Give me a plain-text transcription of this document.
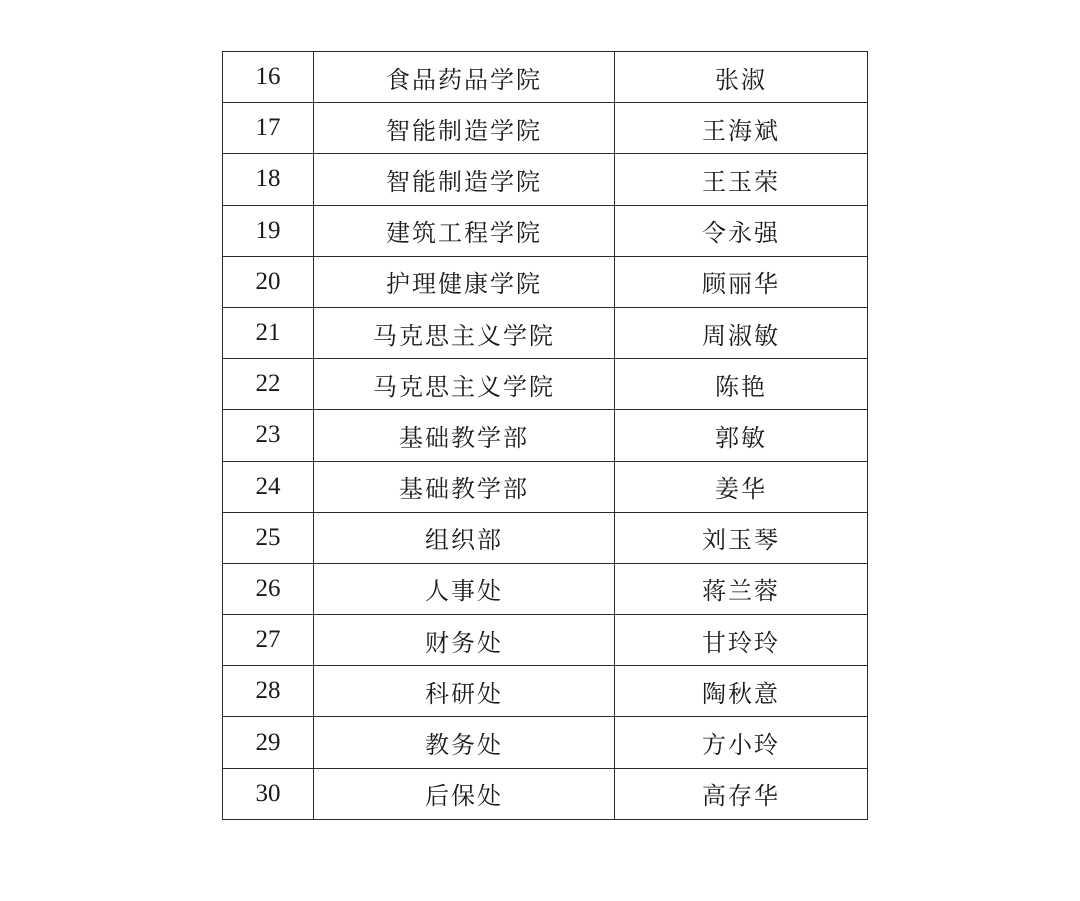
16	食品药品学院	张淑
17	智能制造学院	王海斌
18	智能制造学院	王玉荣
19	建筑工程学院	令永强
20	护理健康学院	顾丽华
21	马克思主义学院	周淑敏
22	马克思主义学院	陈艳
23	基础教学部	郭敏
24	基础教学部	姜华
25	组织部	刘玉琴
26	人事处	蒋兰蓉
27	财务处	甘玲玲
28	科研处	陶秋意
29	教务处	方小玲
30	后保处	高存华
